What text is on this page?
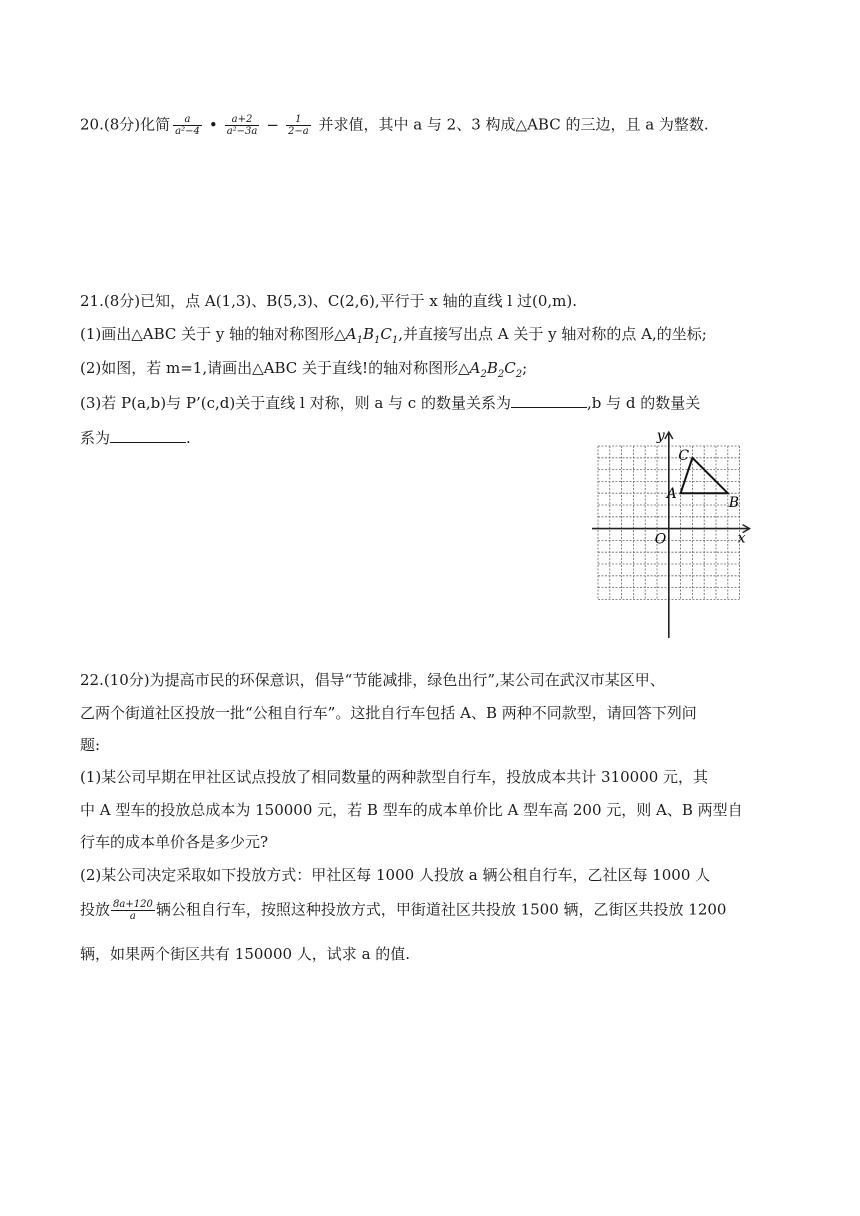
20.(8分)化简 $\frac{a}{\text{a²−4}}$ • $\frac{a+2}{\text{a²−3a}} - \frac{1}{2-a}$ 并求值，其中 a 与 2、3 构成△ABC 的三边，且 a 为整数.
21.(8分)已知，点 A(1,3)、B(5,3)、C(2,6),平行于 x 轴的直线 l 过(0,m).
(1)画出△ABC 关于 y 轴的轴对称图形$\triangle A_1B_1C_1$,并直接写出点 A 关于 y 轴对称的点 A,的坐标;
(2)如图，若 m=1,请画出△ABC 关于直线!的轴对称图形$\triangle A_2B_2C_2$;
(3)若 P(a,b)与 P’(c,d)关于直线 l 对称，则 a 与 c 的数量关系为	,b 与 d 的数量关
系为	.	y
x
O
A
B
C
22.(10分)为提高市民的环保意识，倡导“节能减排，绿色出行”,某公司在武汉市某区甲、
乙两个街道社区投放一批“公租自行车”。这批自行车包括 A、B 两种不同款型，请回答下列问
题:
(1)某公司早期在甲社区试点投放了相同数量的两种款型自行车，投放成本共计 310000 元，其
中 A 型车的投放总成本为 150000 元，若 B 型车的成本单价比 A 型车高 200 元，则 A、B 两型自
行车的成本单价各是多少元?
(2)某公司决定采取如下投放方式：甲社区每 1000 人投放 a 辆公租自行车，乙社区每 1000 人
投放 $\frac{8a+120}{a}$ 辆公租自行车，按照这种投放方式，甲街道社区共投放 1500 辆，乙街区共投放 1200
辆，如果两个街区共有 150000 人，试求 a 的值.
